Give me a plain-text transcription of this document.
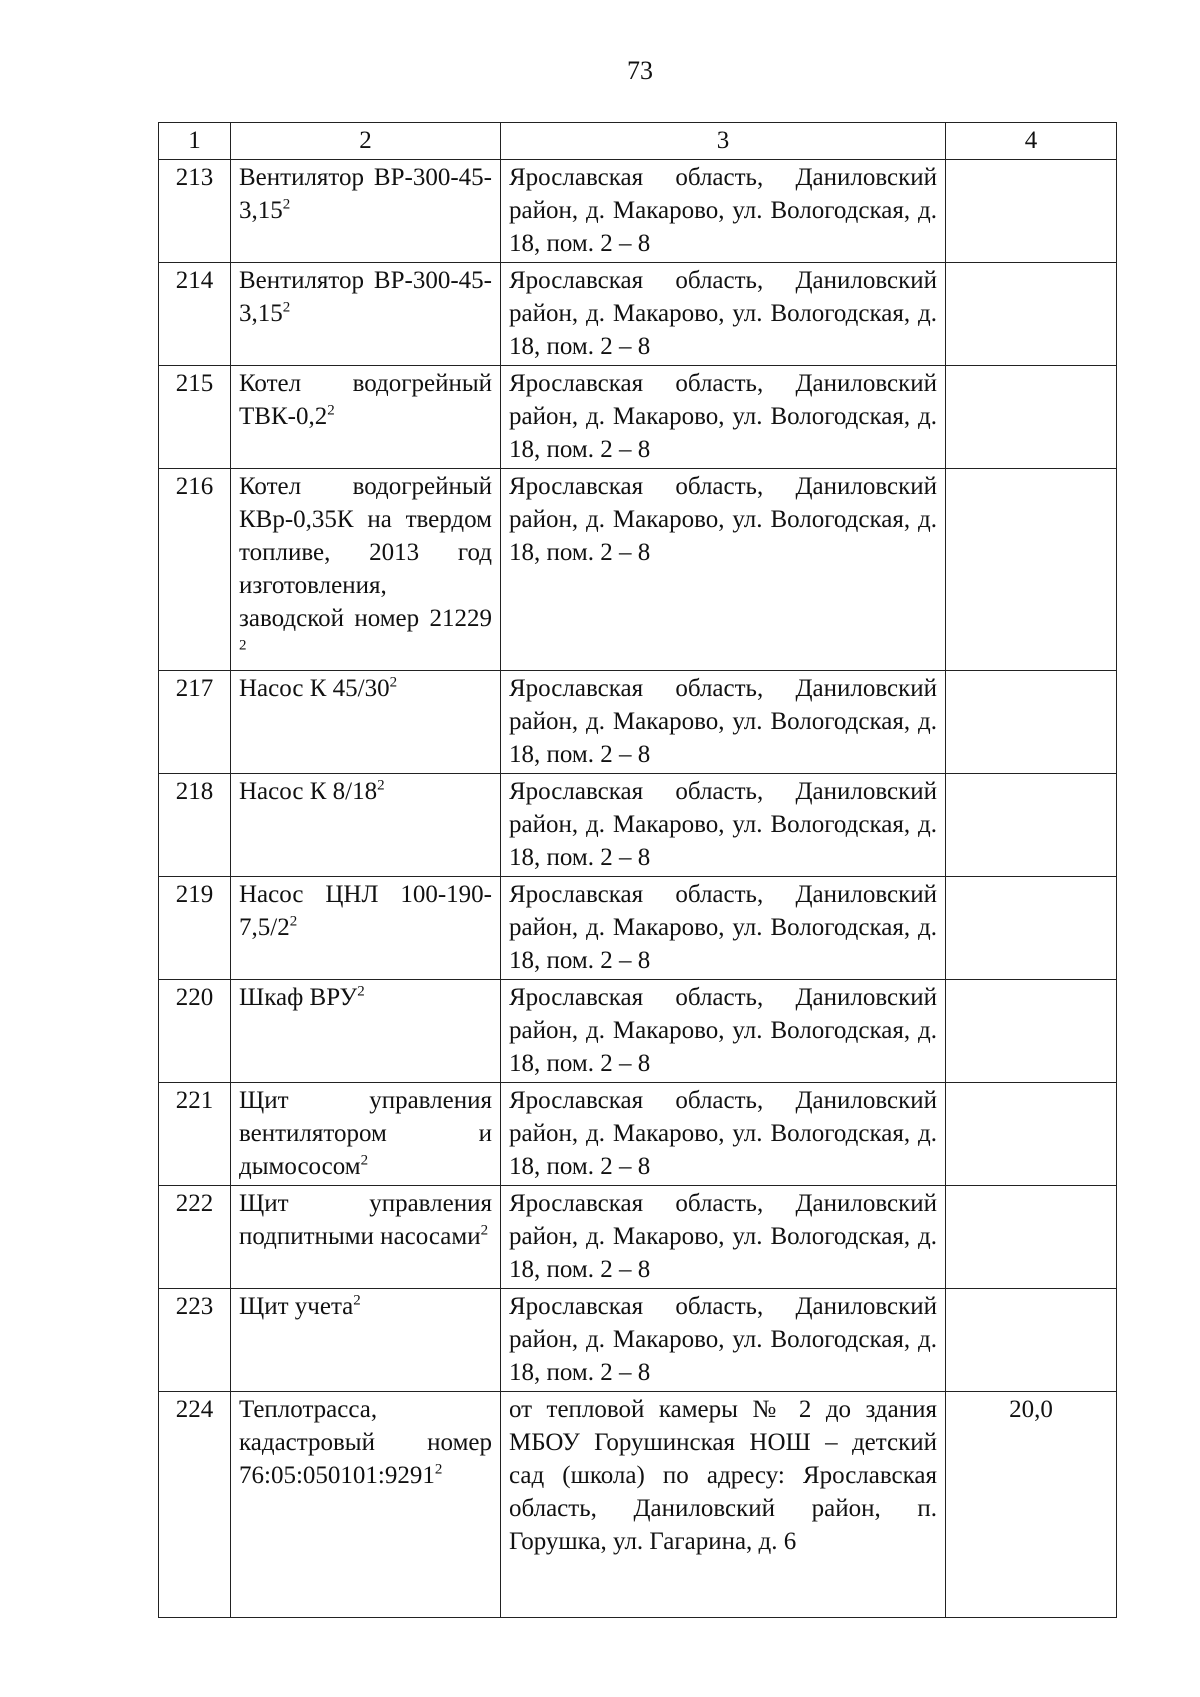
73
1	2	3	4
213	Вентилятор ВР-300-45-3,15$^2$	Ярославская область, Даниловский район, д. Макарово, ул. Вологодская, д. 18, пом. 2 – 8	
214	Вентилятор ВР-300-45-3,15$^2$	Ярославская область, Даниловский район, д. Макарово, ул. Вологодская, д. 18, пом. 2 – 8	
215	Котел водогрейный ТВК-$0,2^2$	Ярославская область, Даниловский район, д. Макарово, ул. Вологодская, д. 18, пом. 2 – 8	
216	Котел водогрейный КВр-0,35К на твердом топливе, 2013 год изготовления, заводской номер 21229 $^2$	Ярославская область, Даниловский район, д. Макарово, ул. Вологодская, д. 18, пом. 2 – 8	
217	Насос К $45/30^2$	Ярославская область, Даниловский район, д. Макарово, ул. Вологодская, д. 18, пом. 2 – 8	
218	Насос К $8/18^2$	Ярославская область, Даниловский район, д. Макарово, ул. Вологодская, д. 18, пом. 2 – 8	
219	Насос ЦНЛ $100-190-7,5/2^2$	Ярославская область, Даниловский район, д. Макарово, ул. Вологодская, д. 18, пом. 2 – 8	
220	Шкаф ВРУ$^2$	Ярославская область, Даниловский район, д. Макарово, ул. Вологодская, д. 18, пом. 2 – 8	
221	Щит управления вентилятором и дымососом$^2$	Ярославская область, Даниловский район, д. Макарово, ул. Вологодская, д. 18, пом. 2 – 8	
222	Щит управления подпитными насосами$^2$	Ярославская область, Даниловский район, д. Макарово, ул. Вологодская, д. 18, пом. 2 – 8	
223	Щит учета$^2$	Ярославская область, Даниловский район, д. Макарово, ул. Вологодская, д. 18, пом. 2 – 8	
224	Теплотрасса, кадастровый номер 76:05:050101:9291$^2$	от тепловой камеры № 2 до здания МБОУ Горушинская НОШ – детский сад (школа) по адресу: Ярославская область, Даниловский район, п. Горушка, ул. Гагарина, д. 6	20,0
